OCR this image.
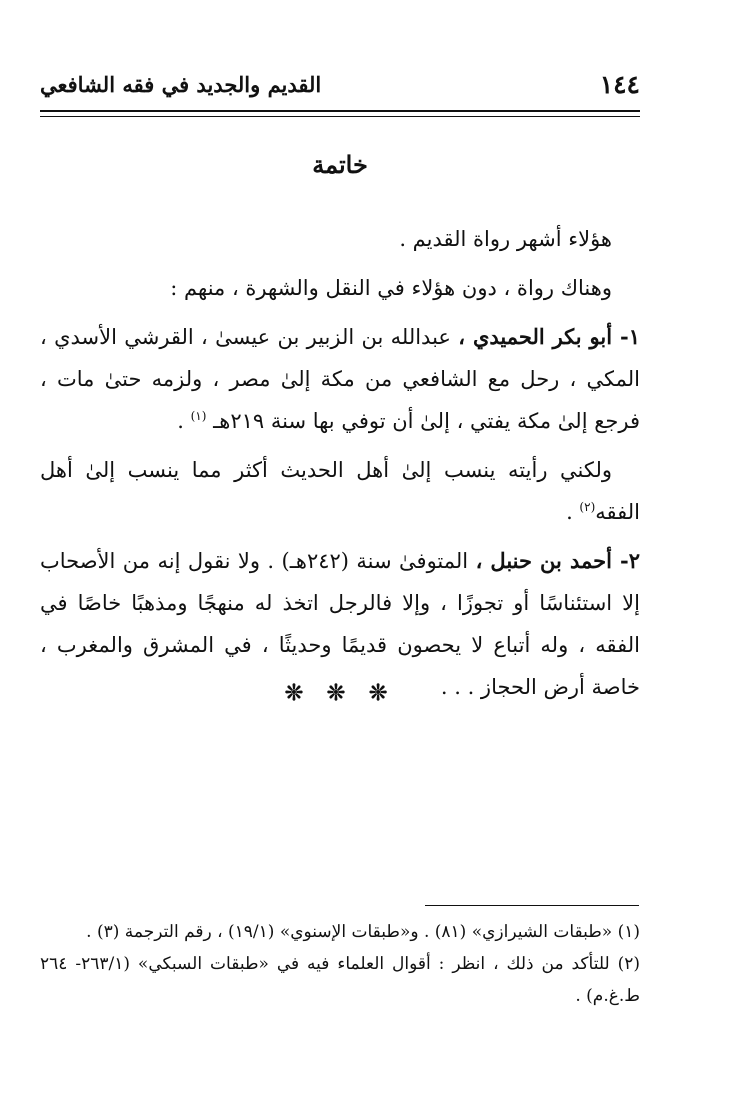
١٤٤
القديم والجديد في فقه الشافعي
خاتمة

هؤلاء أشهر رواة القديم .

وهناك رواة ، دون هؤلاء في النقل والشهرة ، منهم :

١- أبو بكر الحميدي ، عبدالله بن الزبير بن عيسىٰ ، القرشي الأسدي ، المكي ، رحل مع الشافعي من مكة إلىٰ مصر ، ولزمه حتىٰ مات ، فرجع إلىٰ مكة يفتي ، إلىٰ أن توفي بها سنة ٢١٩هـ $^{(١)}$ .

ولكني رأيته ينسب إلىٰ أهل الحديث أكثر مما ينسب إلىٰ أهل الفقه$^{(٢)}$ .

٢- أحمد بن حنبل ، المتوفىٰ سنة (٢٤٢هـ) . ولا نقول إنه من الأصحاب إلا استئناسًا أو تجوزًا ، وإلا فالرجل اتخذ له منهجًا ومذهبًا خاصًا في الفقه ، وله أتباع لا يحصون قديمًا وحديثًا ، في المشرق والمغرب ، خاصة أرض الحجاز . . .

❊ ❊ ❊

(١) «طبقات الشيرازي» (٨١) . و«طبقات الإسنوي» (١٩/١) ، رقم الترجمة (٣) .

(٢) للتأكد من ذلك ، انظر : أقوال العلماء فيه في «طبقات السبكي» (٢٦٣/١- ٢٦٤ ط.غ.م) .
